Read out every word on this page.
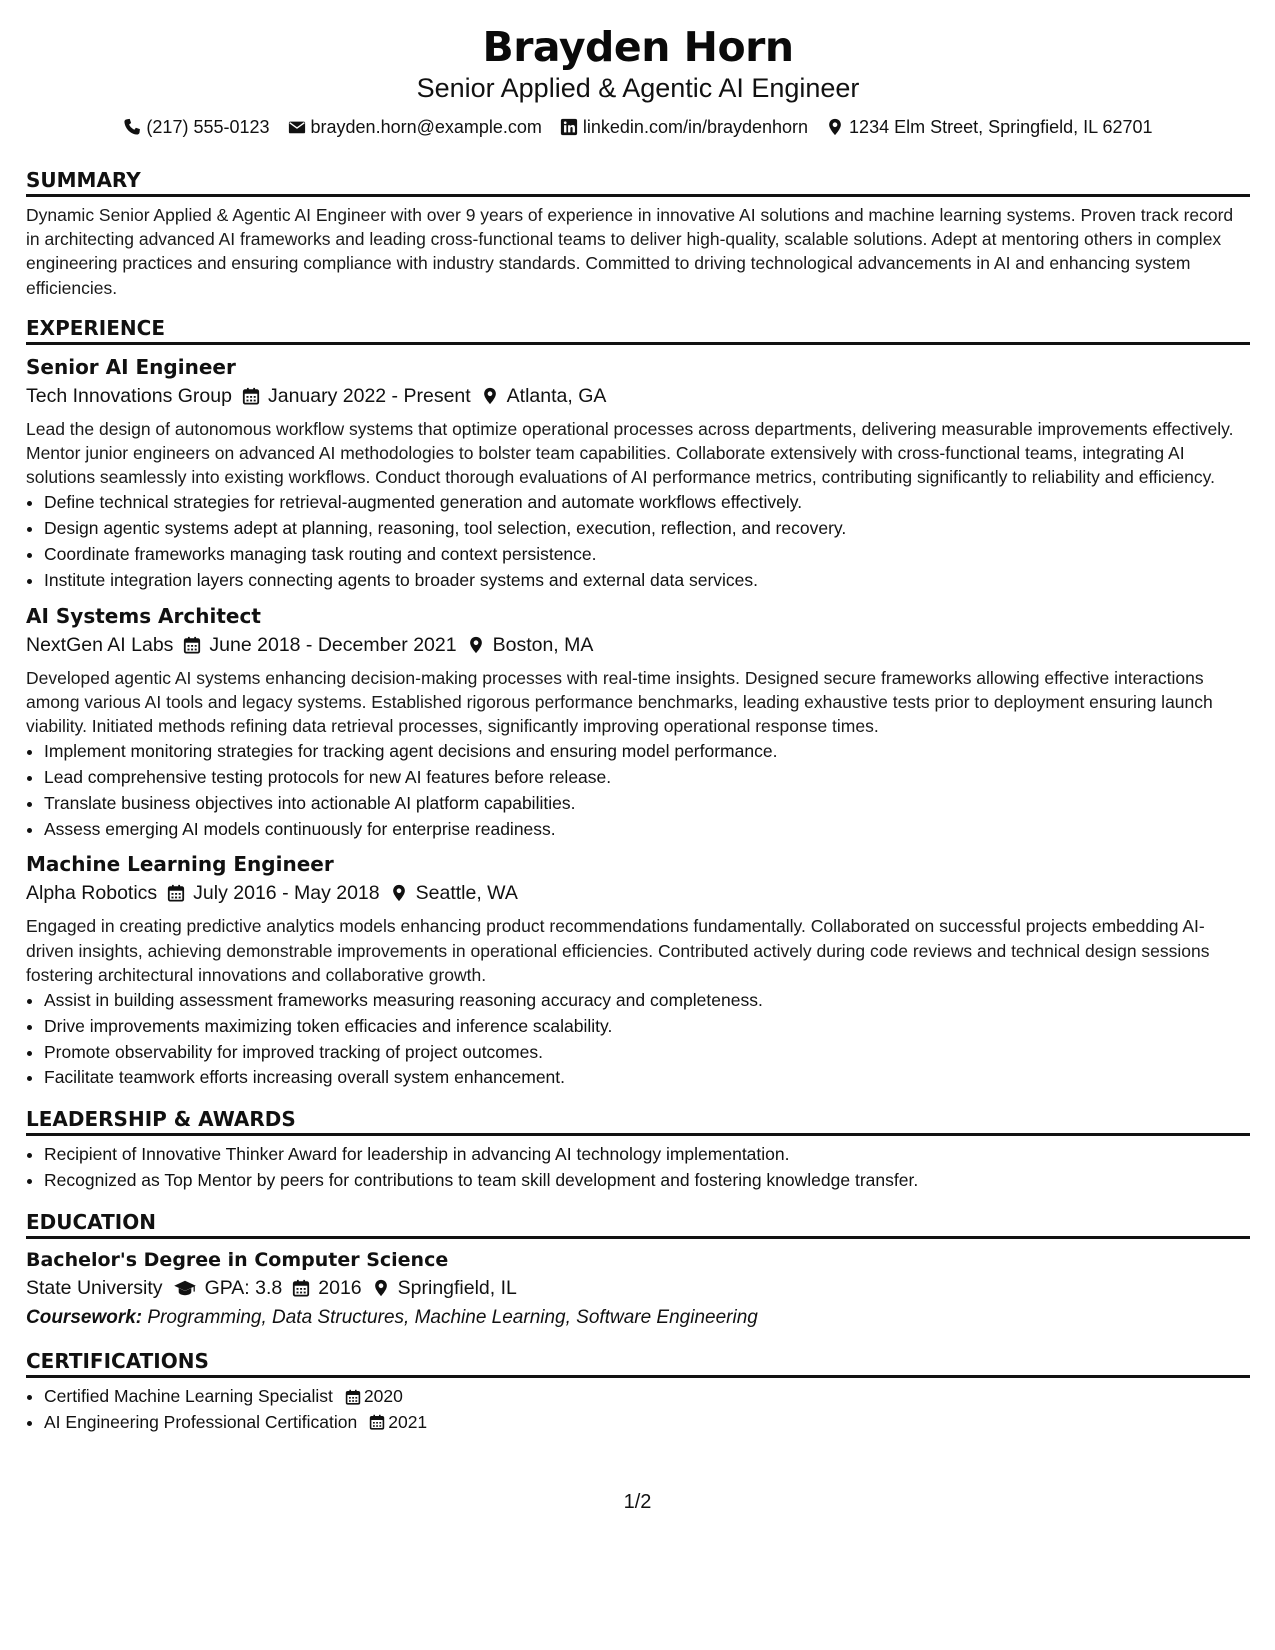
Brayden Horn
Senior Applied & Agentic AI Engineer
(217) 555-0123 brayden.horn@example.com linkedin.com/in/braydenhorn 1234 Elm Street, Springfield, IL 62701
SUMMARY

Dynamic Senior Applied & Agentic AI Engineer with over 9 years of experience in innovative AI solutions and machine learning systems. Proven track record in architecting advanced AI frameworks and leading cross-functional teams to deliver high-quality, scalable solutions. Adept at mentoring others in complex engineering practices and ensuring compliance with industry standards. Committed to driving technological advancements in AI and enhancing system efficiencies.

EXPERIENCE
Senior AI Engineer
Tech Innovations Group January 2022 - Present Atlanta, GA

Lead the design of autonomous workflow systems that optimize operational processes across departments, delivering measurable improvements effectively. Mentor junior engineers on advanced AI methodologies to bolster team capabilities. Collaborate extensively with cross-functional teams, integrating AI solutions seamlessly into existing workflows. Conduct thorough evaluations of AI performance metrics, contributing significantly to reliability and efficiency.

• Define technical strategies for retrieval-augmented generation and automate workflows effectively.
• Design agentic systems adept at planning, reasoning, tool selection, execution, reflection, and recovery.
• Coordinate frameworks managing task routing and context persistence.
• Institute integration layers connecting agents to broader systems and external data services.
AI Systems Architect
NextGen AI Labs June 2018 - December 2021 Boston, MA

Developed agentic AI systems enhancing decision-making processes with real-time insights. Designed secure frameworks allowing effective interactions among various AI tools and legacy systems. Established rigorous performance benchmarks, leading exhaustive tests prior to deployment ensuring launch viability. Initiated methods refining data retrieval processes, significantly improving operational response times.

• Implement monitoring strategies for tracking agent decisions and ensuring model performance.
• Lead comprehensive testing protocols for new AI features before release.
• Translate business objectives into actionable AI platform capabilities.
• Assess emerging AI models continuously for enterprise readiness.
Machine Learning Engineer
Alpha Robotics July 2016 - May 2018 Seattle, WA

Engaged in creating predictive analytics models enhancing product recommendations fundamentally. Collaborated on successful projects embedding AI-driven insights, achieving demonstrable improvements in operational efficiencies. Contributed actively during code reviews and technical design sessions fostering architectural innovations and collaborative growth.

• Assist in building assessment frameworks measuring reasoning accuracy and completeness.
• Drive improvements maximizing token efficacies and inference scalability.
• Promote observability for improved tracking of project outcomes.
• Facilitate teamwork efforts increasing overall system enhancement.
LEADERSHIP & AWARDS
• Recipient of Innovative Thinker Award for leadership in advancing AI technology implementation.
• Recognized as Top Mentor by peers for contributions to team skill development and fostering knowledge transfer.
EDUCATION
Bachelor's Degree in Computer Science
State University GPA: 3.8 2016 Springfield, IL
Coursework: Programming, Data Structures, Machine Learning, Software Engineering
CERTIFICATIONS
• Certified Machine Learning Specialist 2020
• AI Engineering Professional Certification 2021
1/2
